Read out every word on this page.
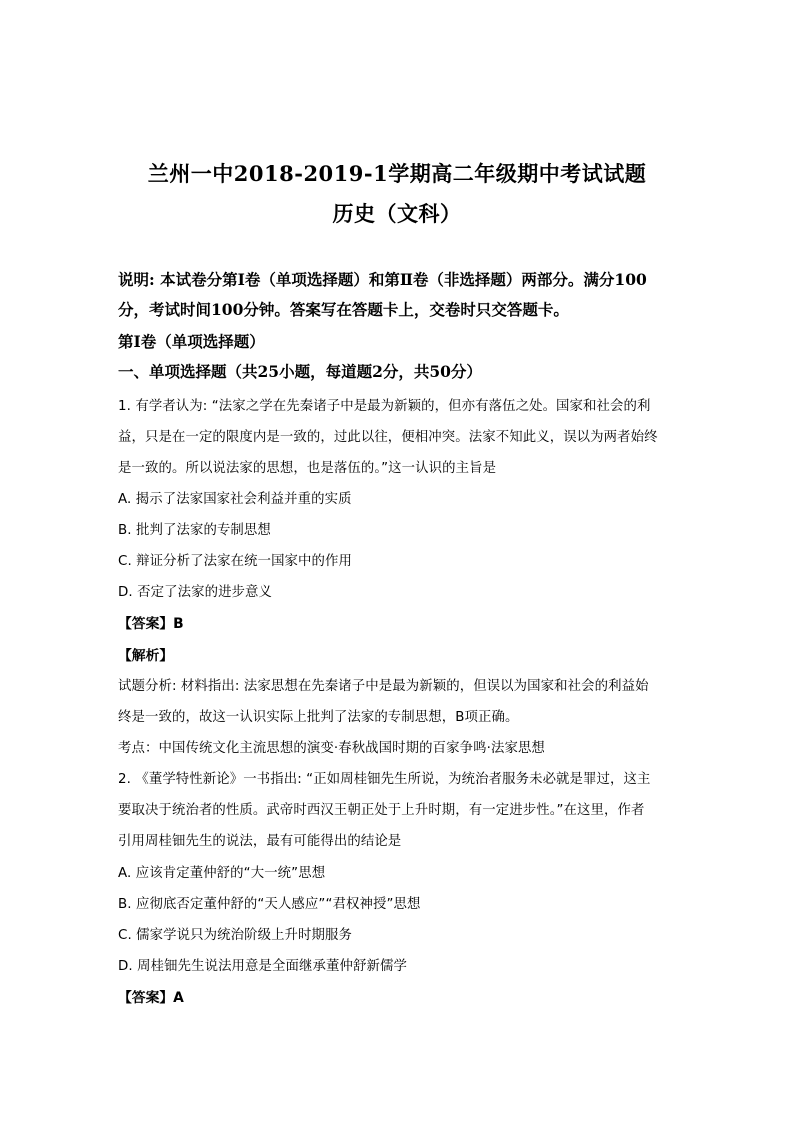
兰州一中2018-2019-1学期高二年级期中考试试题
历史（文科）
说明: 本试卷分第Ⅰ卷（单项选择题）和第Ⅱ卷（非选择题）两部分。满分100
分，考试时间100分钟。答案写在答题卡上，交卷时只交答题卡。
第Ⅰ卷（单项选择题）
一、单项选择题（共25小题，每道题2分，共50分）
1. 有学者认为: “法家之学在先秦诸子中是最为新颖的，但亦有落伍之处。国家和社会的利
益，只是在一定的限度内是一致的，过此以往，便相冲突。法家不知此义，误以为两者始终
是一致的。所以说法家的思想，也是落伍的。”这一认识的主旨是
A. 揭示了法家国家社会利益并重的实质
B. 批判了法家的专制思想
C. 辩证分析了法家在统一国家中的作用
D. 否定了法家的进步意义
【答案】B
【解析】
试题分析: 材料指出: 法家思想在先秦诸子中是最为新颖的，但误以为国家和社会的利益始
终是一致的，故这一认识实际上批判了法家的专制思想，B项正确。
考点：中国传统文化主流思想的演变·春秋战国时期的百家争鸣·法家思想
2. 《董学特性新论》一书指出: “正如周桂钿先生所说，为统治者服务未必就是罪过，这主
要取决于统治者的性质。武帝时西汉王朝正处于上升时期，有一定进步性。”在这里，作者
引用周桂钿先生的说法，最有可能得出的结论是
A. 应该肯定董仲舒的“大一统”思想
B. 应彻底否定董仲舒的“天人感应”“君权神授”思想
C. 儒家学说只为统治阶级上升时期服务
D. 周桂钿先生说法用意是全面继承董仲舒新儒学
【答案】A
